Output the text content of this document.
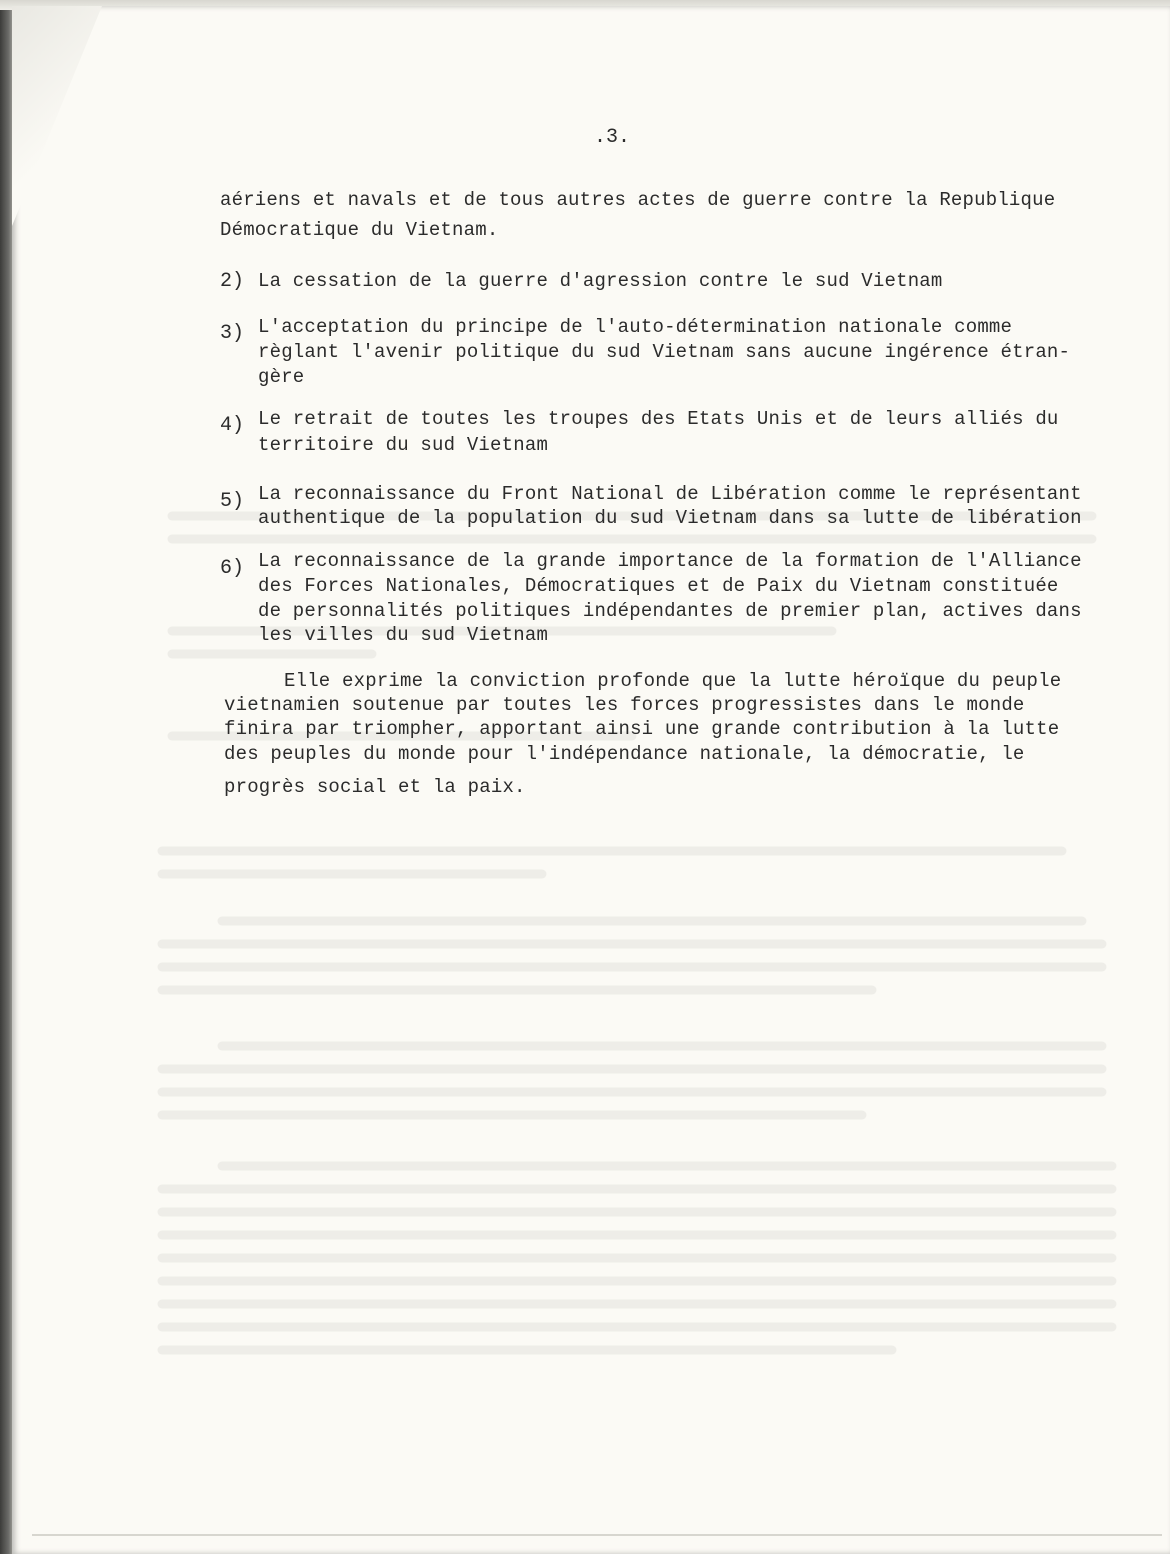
.3.
aériens et navals et de tous autres actes de guerre contre la Republique
Démocratique du Vietnam.
2) La cessation de la guerre d'agression contre le sud Vietnam
3) L'acceptation du principe de l'auto-détermination nationale comme
règlant l'avenir politique du sud Vietnam sans aucune ingérence étran-
gère
4) Le retrait de toutes les troupes des Etats Unis et de leurs alliés du
territoire du sud Vietnam
5) La reconnaissance du Front National de Libération comme le représentant
authentique de la population du sud Vietnam dans sa lutte de libération
6) La reconnaissance de la grande importance de la formation de l'Alliance
des Forces Nationales, Démocratiques et de Paix du Vietnam constituée
de personnalités politiques indépendantes de premier plan, actives dans
les villes du sud Vietnam
Elle exprime la conviction profonde que la lutte héroïque du peuple
vietnamien soutenue par toutes les forces progressistes dans le monde
finira par triompher, apportant ainsi une grande contribution à la lutte
des peuples du monde pour l'indépendance nationale, la démocratie, le
progrès social et la paix.
